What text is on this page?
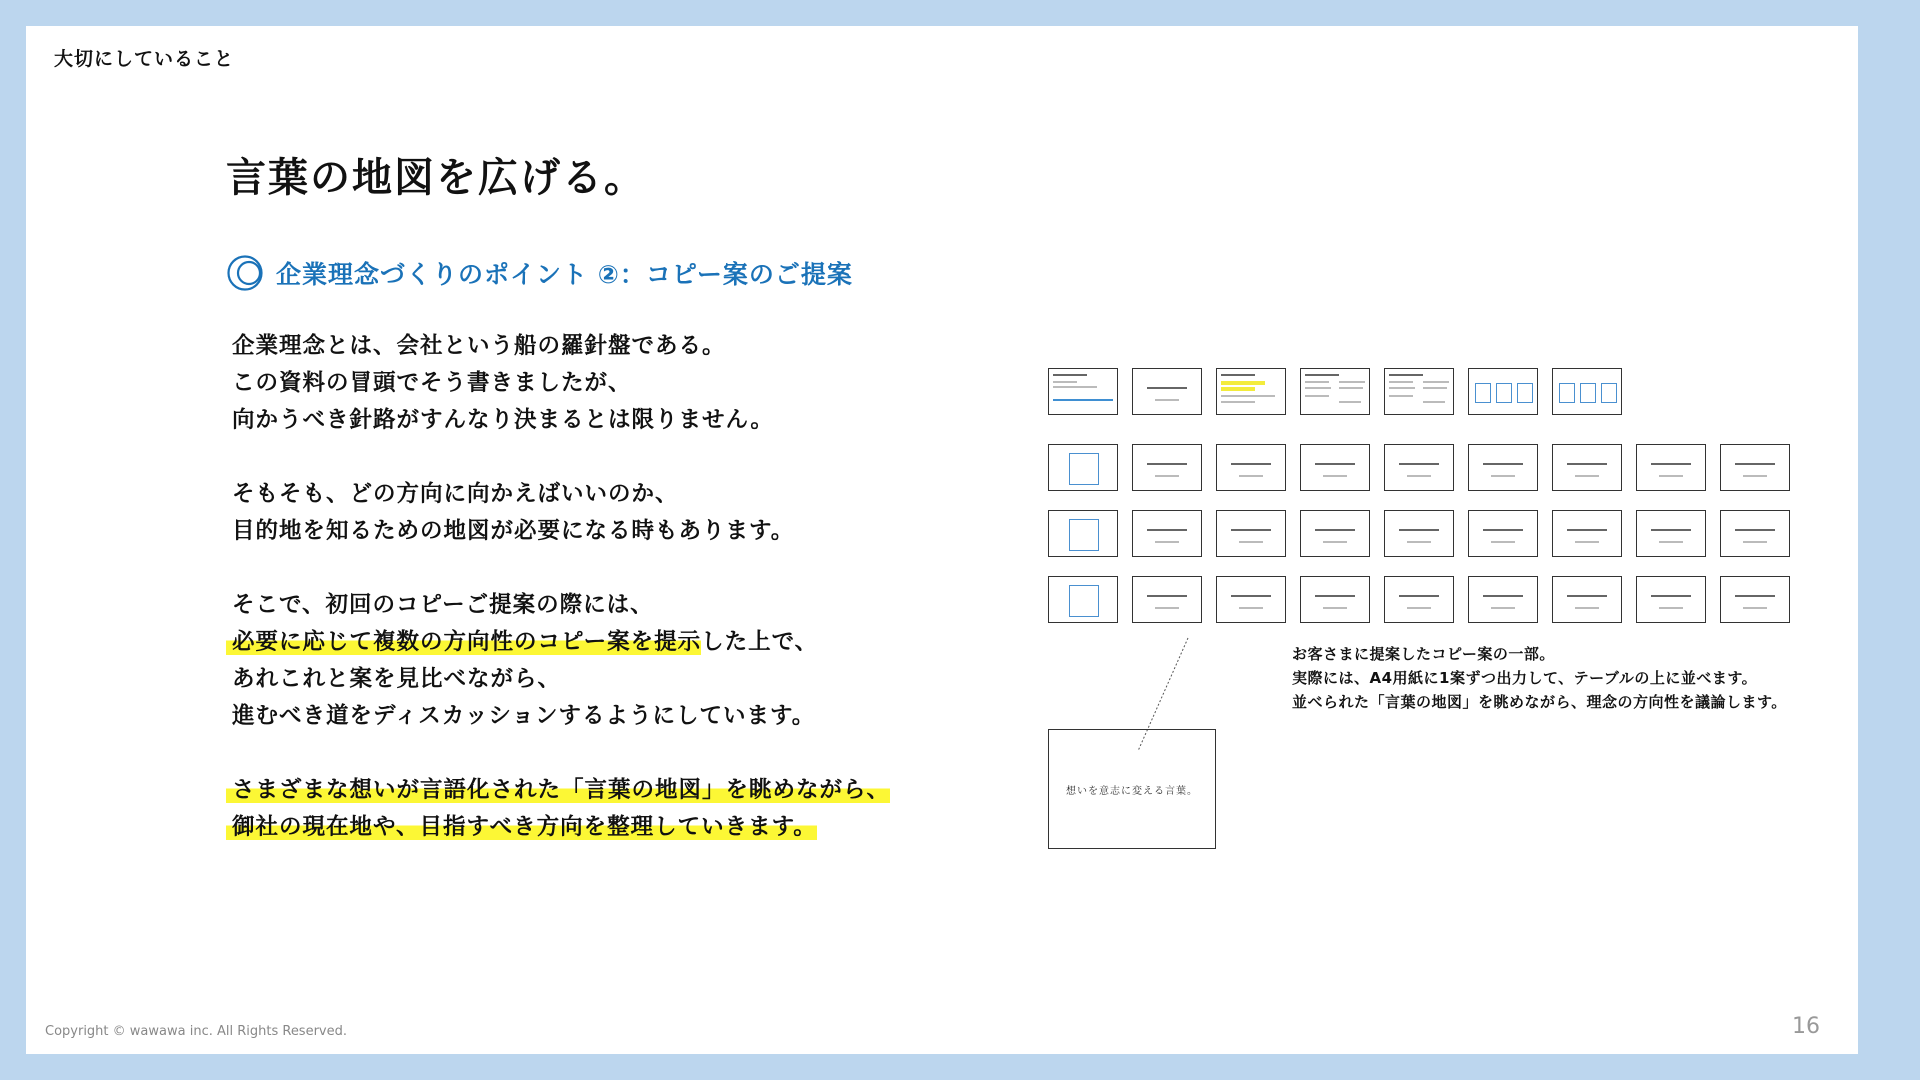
大切にしていること
言葉の地図を広げる。
企業理念づくりのポイント ②：コピー案のご提案

企業理念とは、会社という船の羅針盤である。

この資料の冒頭でそう書きましたが、

向かうべき針路がすんなり決まるとは限りません。

そもそも、どの方向に向かえばいいのか、

目的地を知るための地図が必要になる時もあります。

そこで、初回のコピーご提案の際には、

必要に応じて複数の方向性のコピー案を提示した上で、

あれこれと案を見比べながら、

進むべき道をディスカッションするようにしています。

さまざまな想いが言語化された「言葉の地図」を眺めながら、

御社の現在地や、目指すべき方向を整理していきます。

想いを意志に変える言葉。

お客さまに提案したコピー案の一部。

実際には、A4用紙に1案ずつ出力して、テーブルの上に並べます。

並べられた「言葉の地図」を眺めながら、理念の方向性を議論します。

Copyright © wawawa inc. All Rights Reserved.	16
